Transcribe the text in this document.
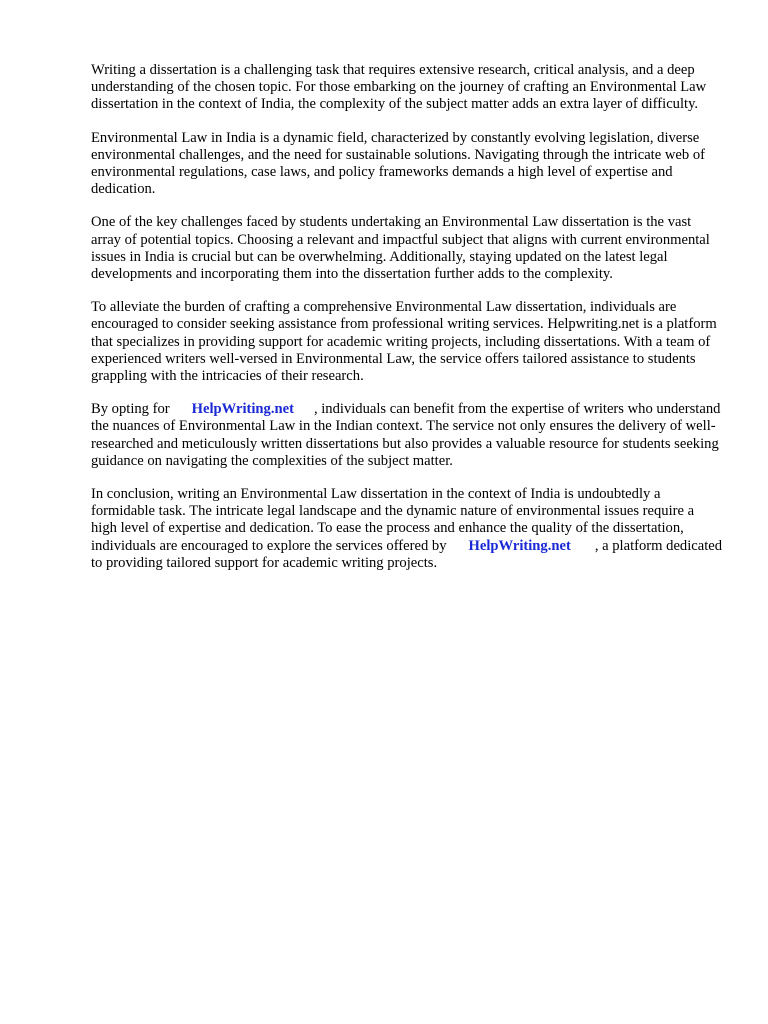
Writing a dissertation is a challenging task that requires extensive research, critical analysis, and a deep understanding of the chosen topic. For those embarking on the journey of crafting an Environmental Law dissertation in the context of India, the complexity of the subject matter adds an extra layer of difficulty.

Environmental Law in India is a dynamic field, characterized by constantly evolving legislation, diverse environmental challenges, and the need for sustainable solutions. Navigating through the intricate web of environmental regulations, case laws, and policy frameworks demands a high level of expertise and dedication.

One of the key challenges faced by students undertaking an Environmental Law dissertation is the vast array of potential topics. Choosing a relevant and impactful subject that aligns with current environmental issues in India is crucial but can be overwhelming. Additionally, staying updated on the latest legal developments and incorporating them into the dissertation further adds to the complexity.

To alleviate the burden of crafting a comprehensive Environmental Law dissertation, individuals are encouraged to consider seeking assistance from professional writing services. Helpwriting.net is a platform that specializes in providing support for academic writing projects, including dissertations. With a team of experienced writers well-versed in Environmental Law, the service offers tailored assistance to students grappling with the intricacies of their research.

By opting for HelpWriting.net , individuals can benefit from the expertise of writers who understand the nuances of Environmental Law in the Indian context. The service not only ensures the delivery of well-researched and meticulously written dissertations but also provides a valuable resource for students seeking guidance on navigating the complexities of the subject matter.

In conclusion, writing an Environmental Law dissertation in the context of India is undoubtedly a formidable task. The intricate legal landscape and the dynamic nature of environmental issues require a high level of expertise and dedication. To ease the process and enhance the quality of the dissertation, individuals are encouraged to explore the services offered by HelpWriting.net , a platform dedicated to providing tailored support for academic writing projects.
